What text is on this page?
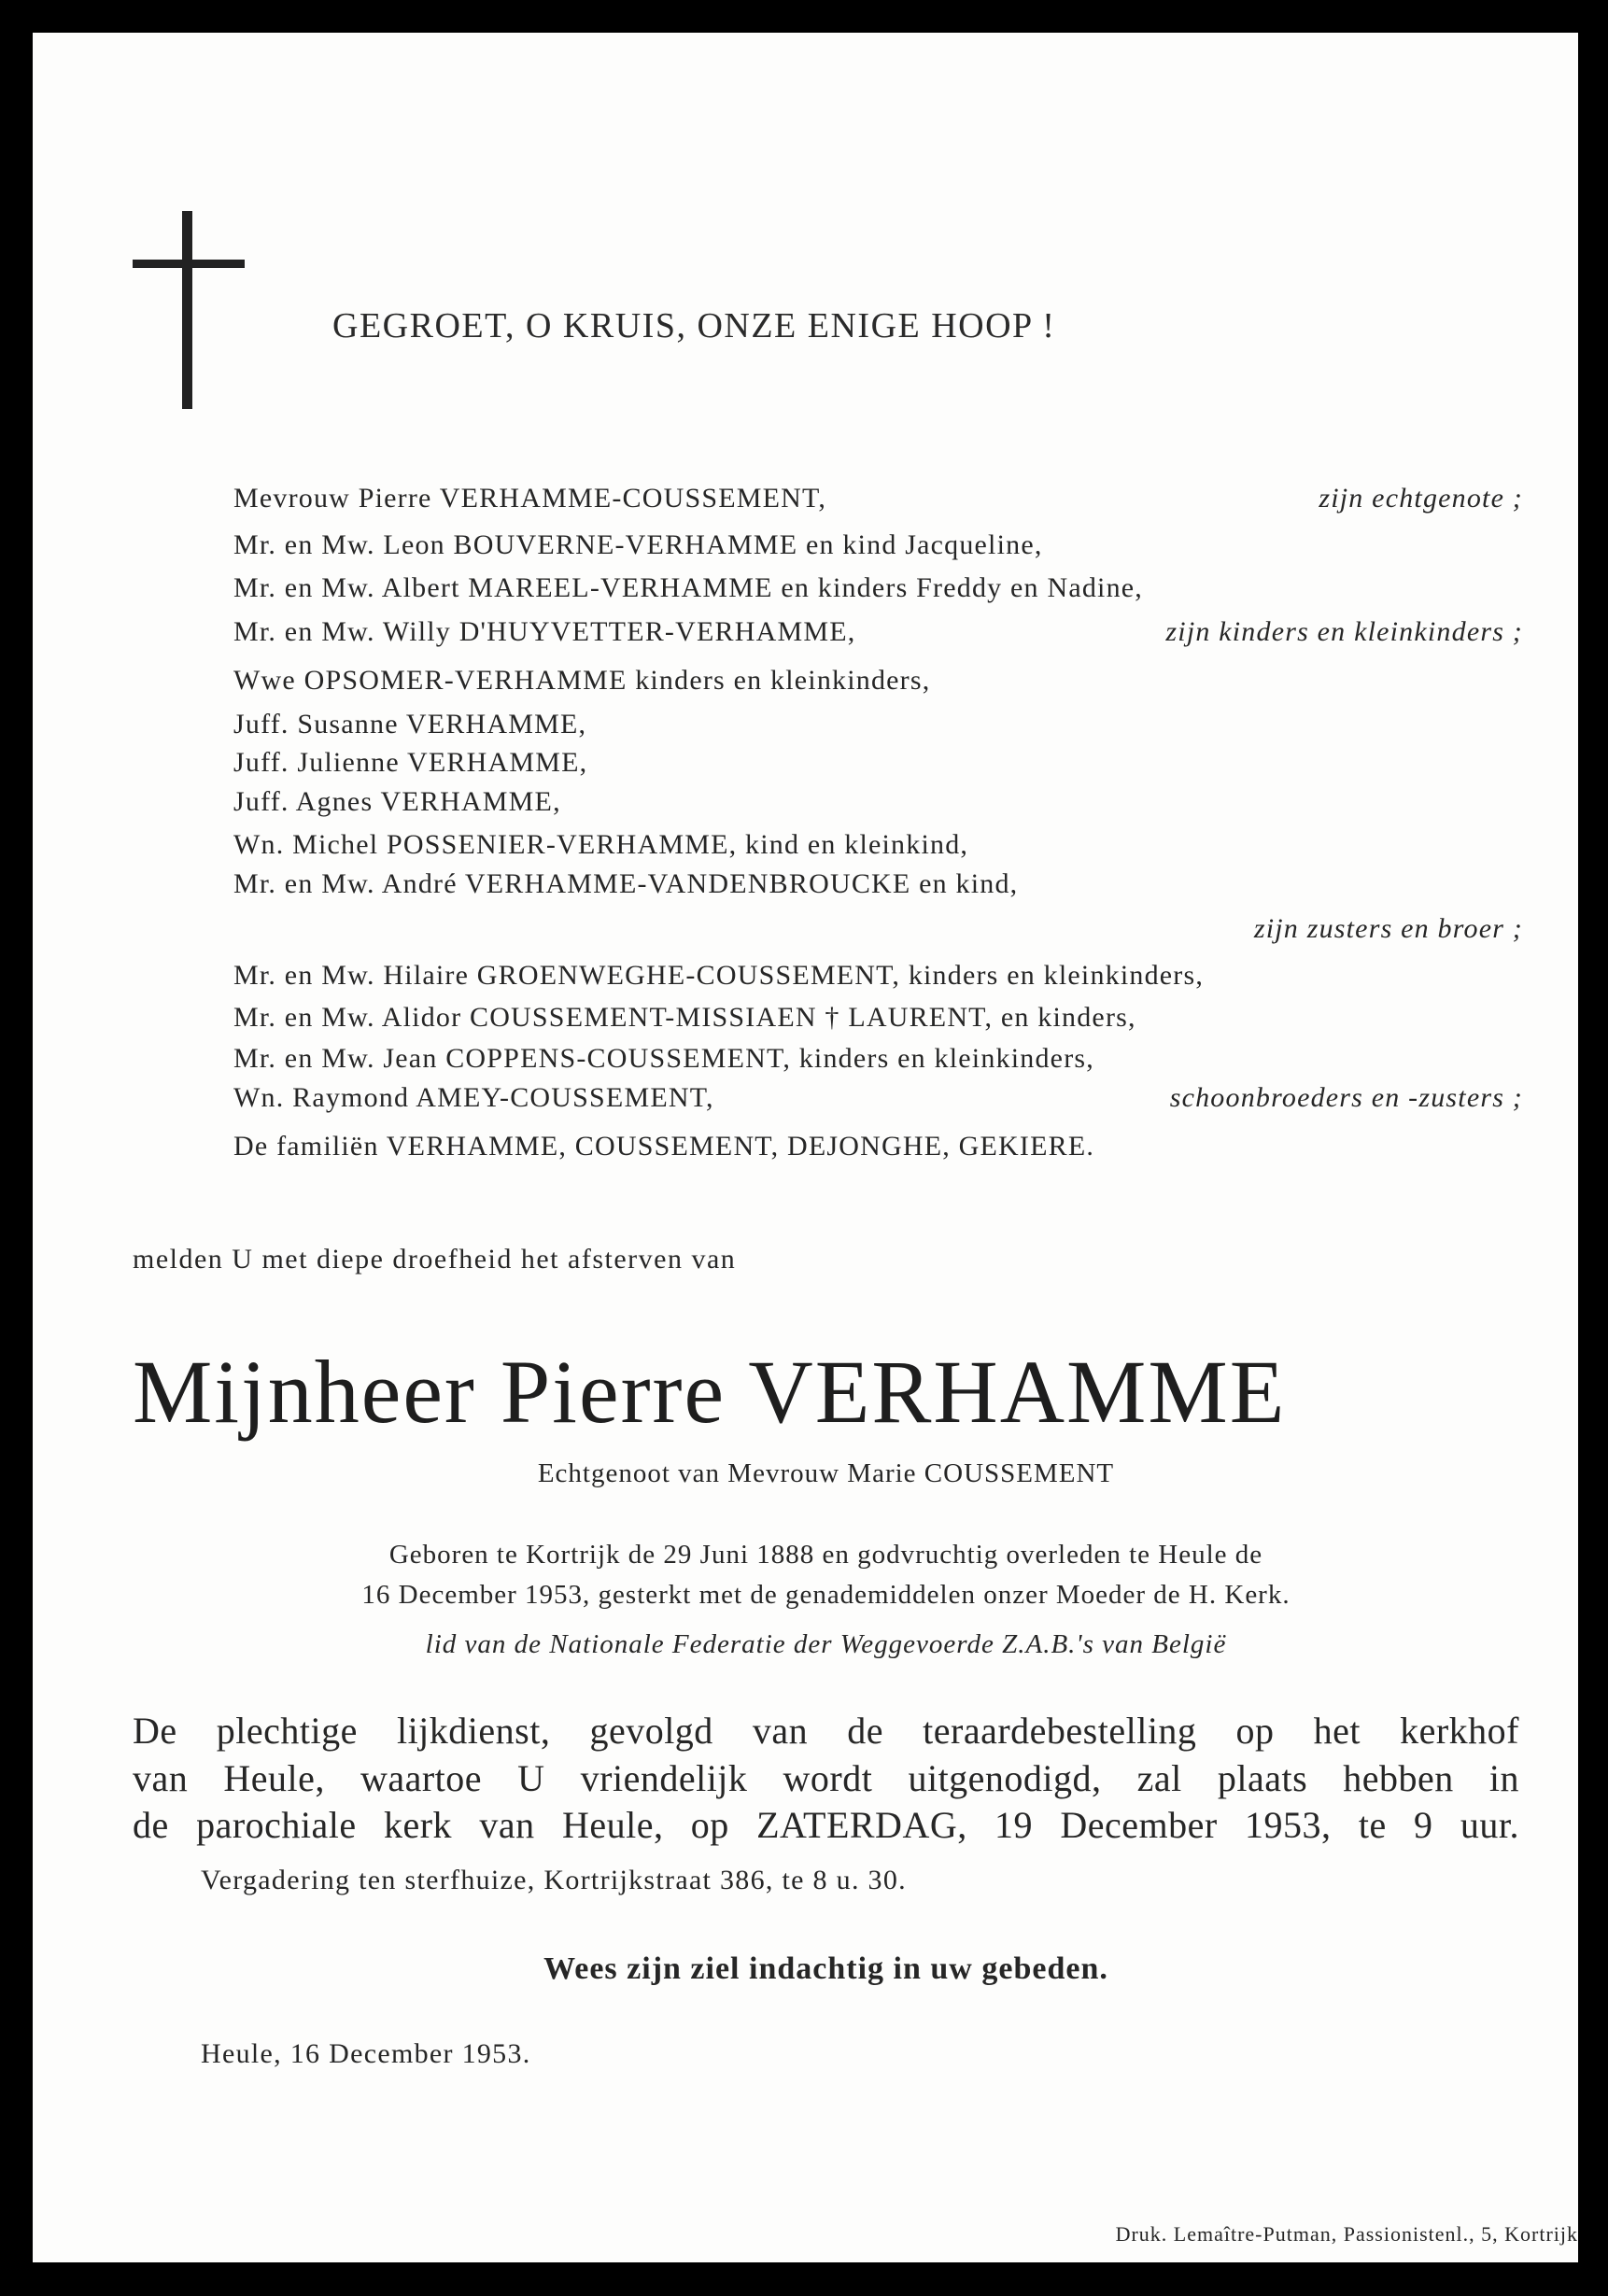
GEGROET, O KRUIS, ONZE ENIGE HOOP !
Mevrouw Pierre VERHAMME-COUSSEMENT,	zijn echtgenote ;
Mr. en Mw. Leon BOUVERNE-VERHAMME en kind Jacqueline,
Mr. en Mw. Albert MAREEL-VERHAMME en kinders Freddy en Nadine,
Mr. en Mw. Willy D'HUYVETTER-VERHAMME,	zijn kinders en kleinkinders ;
Wwe OPSOMER-VERHAMME kinders en kleinkinders,
Juff. Susanne VERHAMME,
Juff. Julienne VERHAMME,
Juff. Agnes VERHAMME,
Wn. Michel POSSENIER-VERHAMME, kind en kleinkind,
Mr. en Mw. André VERHAMME-VANDENBROUCKE en kind,
zijn zusters en broer ;
Mr. en Mw. Hilaire GROENWEGHE-COUSSEMENT, kinders en kleinkinders,
Mr. en Mw. Alidor COUSSEMENT-MISSIAEN † LAURENT, en kinders,
Mr. en Mw. Jean COPPENS-COUSSEMENT, kinders en kleinkinders,
Wn. Raymond AMEY-COUSSEMENT,	schoonbroeders en -zusters ;
De familiën VERHAMME, COUSSEMENT, DEJONGHE, GEKIERE.
melden U met diepe droefheid het afsterven van
Mijnheer Pierre VERHAMME
Echtgenoot van Mevrouw Marie COUSSEMENT
Geboren te Kortrijk de 29 Juni 1888 en godvruchtig overleden te Heule de
16 December 1953, gesterkt met de genademiddelen onzer Moeder de H. Kerk.
lid van de Nationale Federatie der Weggevoerde Z.A.B.'s van België
De plechtige lijkdienst, gevolgd van de teraardebestelling op het kerkhof
van Heule, waartoe U vriendelijk wordt uitgenodigd, zal plaats hebben in
de parochiale kerk van Heule, op ZATERDAG, 19 December 1953, te 9 uur.
Vergadering ten sterfhuize, Kortrijkstraat 386, te 8 u. 30.
Wees zijn ziel indachtig in uw gebeden.
Heule, 16 December 1953.
Druk. Lemaître-Putman, Passionistenl., 5, Kortrijk
